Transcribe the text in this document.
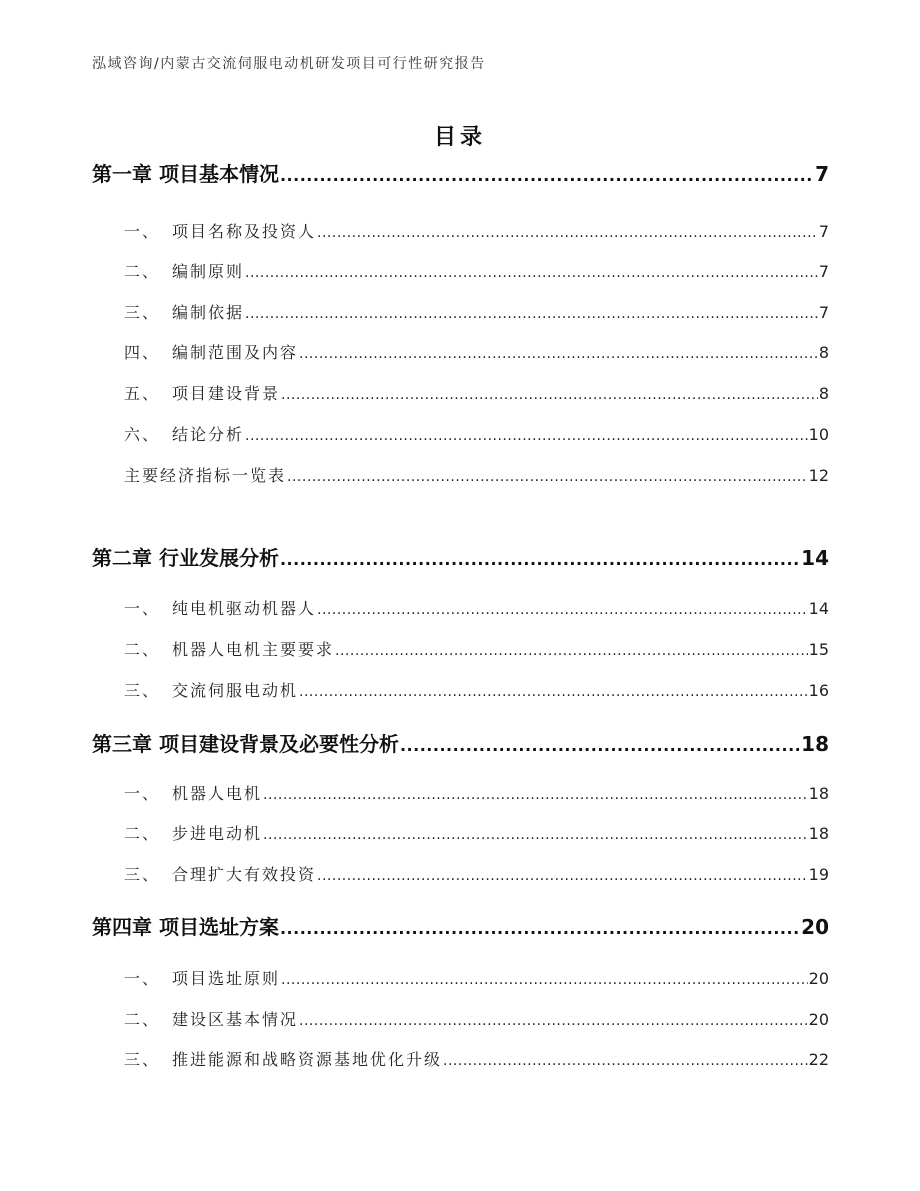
泓域咨询/内蒙古交流伺服电动机研发项目可行性研究报告
目录
第一章 项目基本情况 .....	7
一、 项目名称及投资人 .....	7
二、 编制原则 .....	7
三、 编制依据 .....	7
四、 编制范围及内容 .....	8
五、 项目建设背景 .....	8
六、 结论分析 .....	10
主要经济指标一览表 .....	12
第二章 行业发展分析 .....	14
一、 纯电机驱动机器人 .....	14
二、 机器人电机主要要求 .....	15
三、 交流伺服电动机 .....	16
第三章 项目建设背景及必要性分析 .....	18
一、 机器人电机 .....	18
二、 步进电动机 .....	18
三、 合理扩大有效投资 .....	19
第四章 项目选址方案 .....	20
一、 项目选址原则 .....	20
二、 建设区基本情况 .....	20
三、 推进能源和战略资源基地优化升级 .....	22
